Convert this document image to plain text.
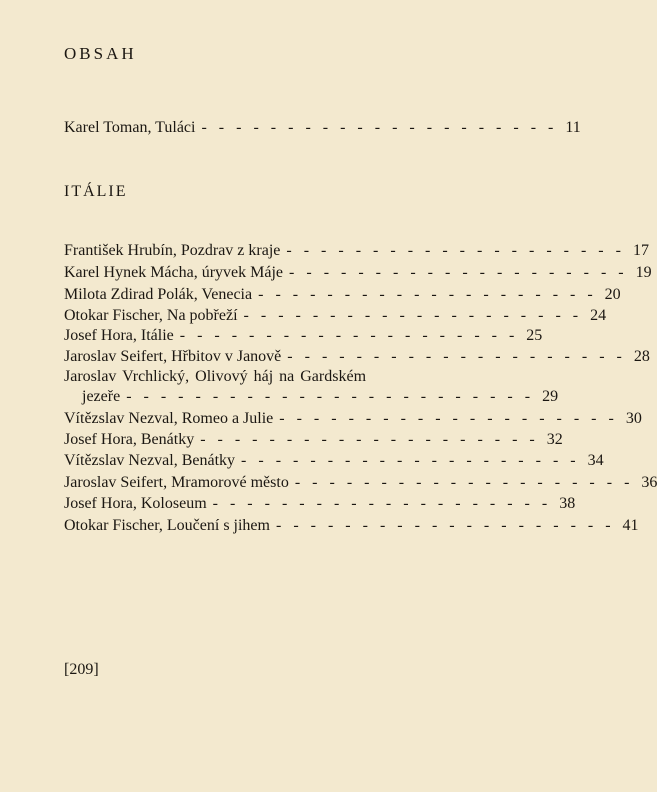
OBSAH
Karel Toman, Tuláci - - - - - - - - - - - - - - - - - - - - - 11
ITÁLIE
František Hrubín, Pozdrav z kraje - - - - - - - - - - - - - - - - - - - - 17
Karel Hynek Mácha, úryvek Máje - - - - - - - - - - - - - - - - - - - - 19
Milota Zdirad Polák, Venecia - - - - - - - - - - - - - - - - - - - - 20
Otokar Fischer, Na pobřeží - - - - - - - - - - - - - - - - - - - - 24
Josef Hora, Itálie - - - - - - - - - - - - - - - - - - - - 25
Jaroslav Seifert, Hřbitov v Janově - - - - - - - - - - - - - - - - - - - - 28
Jaroslav Vrchlický, Olivový háj na Gardském
jezeře - - - - - - - - - - - - - - - - - - - - - - - - 29
Vítězslav Nezval, Romeo a Julie - - - - - - - - - - - - - - - - - - - - 30
Josef Hora, Benátky - - - - - - - - - - - - - - - - - - - - 32
Vítězslav Nezval, Benátky - - - - - - - - - - - - - - - - - - - - 34
Jaroslav Seifert, Mramorové město - - - - - - - - - - - - - - - - - - - - 36
Josef Hora, Koloseum - - - - - - - - - - - - - - - - - - - - 38
Otokar Fischer, Loučení s jihem - - - - - - - - - - - - - - - - - - - - 41
[209]
